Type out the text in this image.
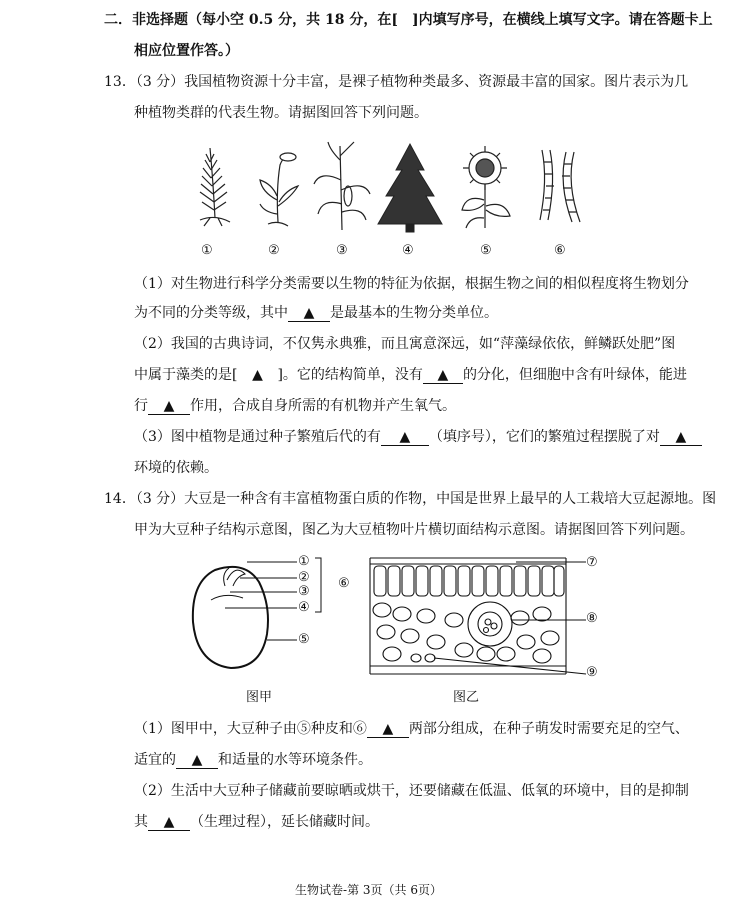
二．非选择题（每小空 0.5 分，共 18 分，在[　]内填写序号，在横线上填写文字。请在答题卡上
相应位置作答。）
13．（3 分）我国植物资源十分丰富，是裸子植物种类最多、资源最丰富的国家。图片表示为几
种植物类群的代表生物。请据图回答下列问题。
①	②	③	④	⑤	⑥
（1）对生物进行科学分类需要以生物的特征为依据，根据生物之间的相似程度将生物划分
为不同的分类等级，其中 ▲ 是最基本的生物分类单位。
（2）我国的古典诗词，不仅隽永典雅，而且寓意深远，如“萍藻绿依依，鲜鳞跃处肥”图
中属于藻类的是[ ▲ ]。它的结构简单，没有 ▲ 的分化，但细胞中含有叶绿体，能进
行 ▲ 作用，合成自身所需的有机物并产生氧气。
（3）图中植物是通过种子繁殖后代的有 ▲ （填序号），它们的繁殖过程摆脱了对 ▲
环境的依赖。
14．（3 分）大豆是一种含有丰富植物蛋白质的作物，中国是世界上最早的人工栽培大豆起源地。图
甲为大豆种子结构示意图，图乙为大豆植物叶片横切面结构示意图。请据图回答下列问题。
①
②
③
④
⑤
⑥
图甲
⑦
⑧
⑨
图乙
（1）图甲中，大豆种子由⑤种皮和⑥ ▲ 两部分组成，在种子萌发时需要充足的空气、
适宜的 ▲ 和适量的水等环境条件。
（2）生活中大豆种子储藏前要晾晒或烘干，还要储藏在低温、低氧的环境中，目的是抑制
其 ▲ （生理过程），延长储藏时间。
生物试卷-第 3页（共 6页）
